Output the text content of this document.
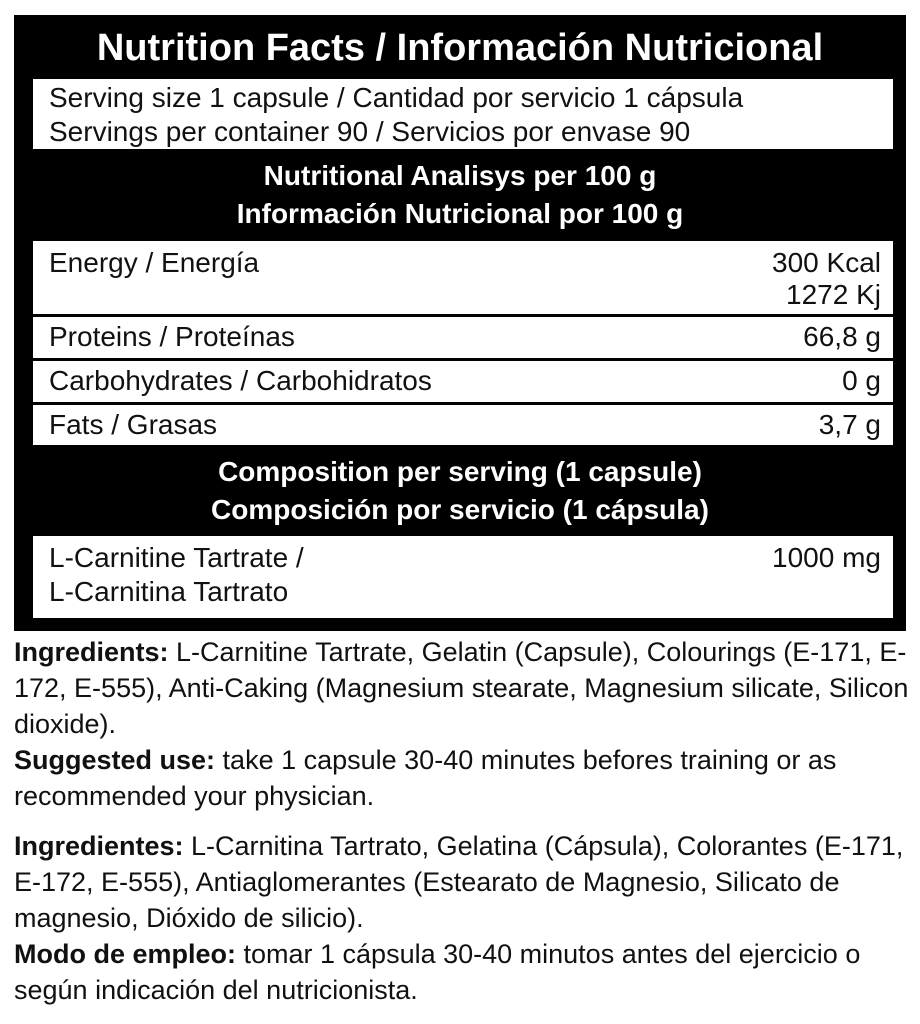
Nutrition Facts / Información Nutricional
Serving size 1 capsule / Cantidad por servicio 1 cápsula
Servings per container 90 / Servicios por envase 90
Nutritional Analisys per 100 g
Información Nutricional por 100 g
Energy / Energía	300 Kcal
1272 Kj
Proteins / Proteínas	66,8 g
Carbohydrates / Carbohidratos	0 g
Fats / Grasas	3,7 g
Composition per serving (1 capsule)
Composición por servicio (1 cápsula)
L-Carnitine Tartrate /	1000 mg
L-Carnitina Tartrato

Ingredients: L-Carnitine Tartrate, Gelatin (Capsule), Colourings (E-171, E-172, E-555), Anti-Caking (Magnesium stearate, Magnesium silicate, Silicon dioxide).

Suggested use: take 1 capsule 30-40 minutes befores training or as recommended your physician.

Ingredientes: L-Carnitina Tartrato, Gelatina (Cápsula), Colorantes (E-171, E-172, E-555), Antiaglomerantes (Estearato de Magnesio, Silicato de magnesio, Dióxido de silicio).

Modo de empleo: tomar 1 cápsula 30-40 minutos antes del ejercicio o según indicación del nutricionista.
